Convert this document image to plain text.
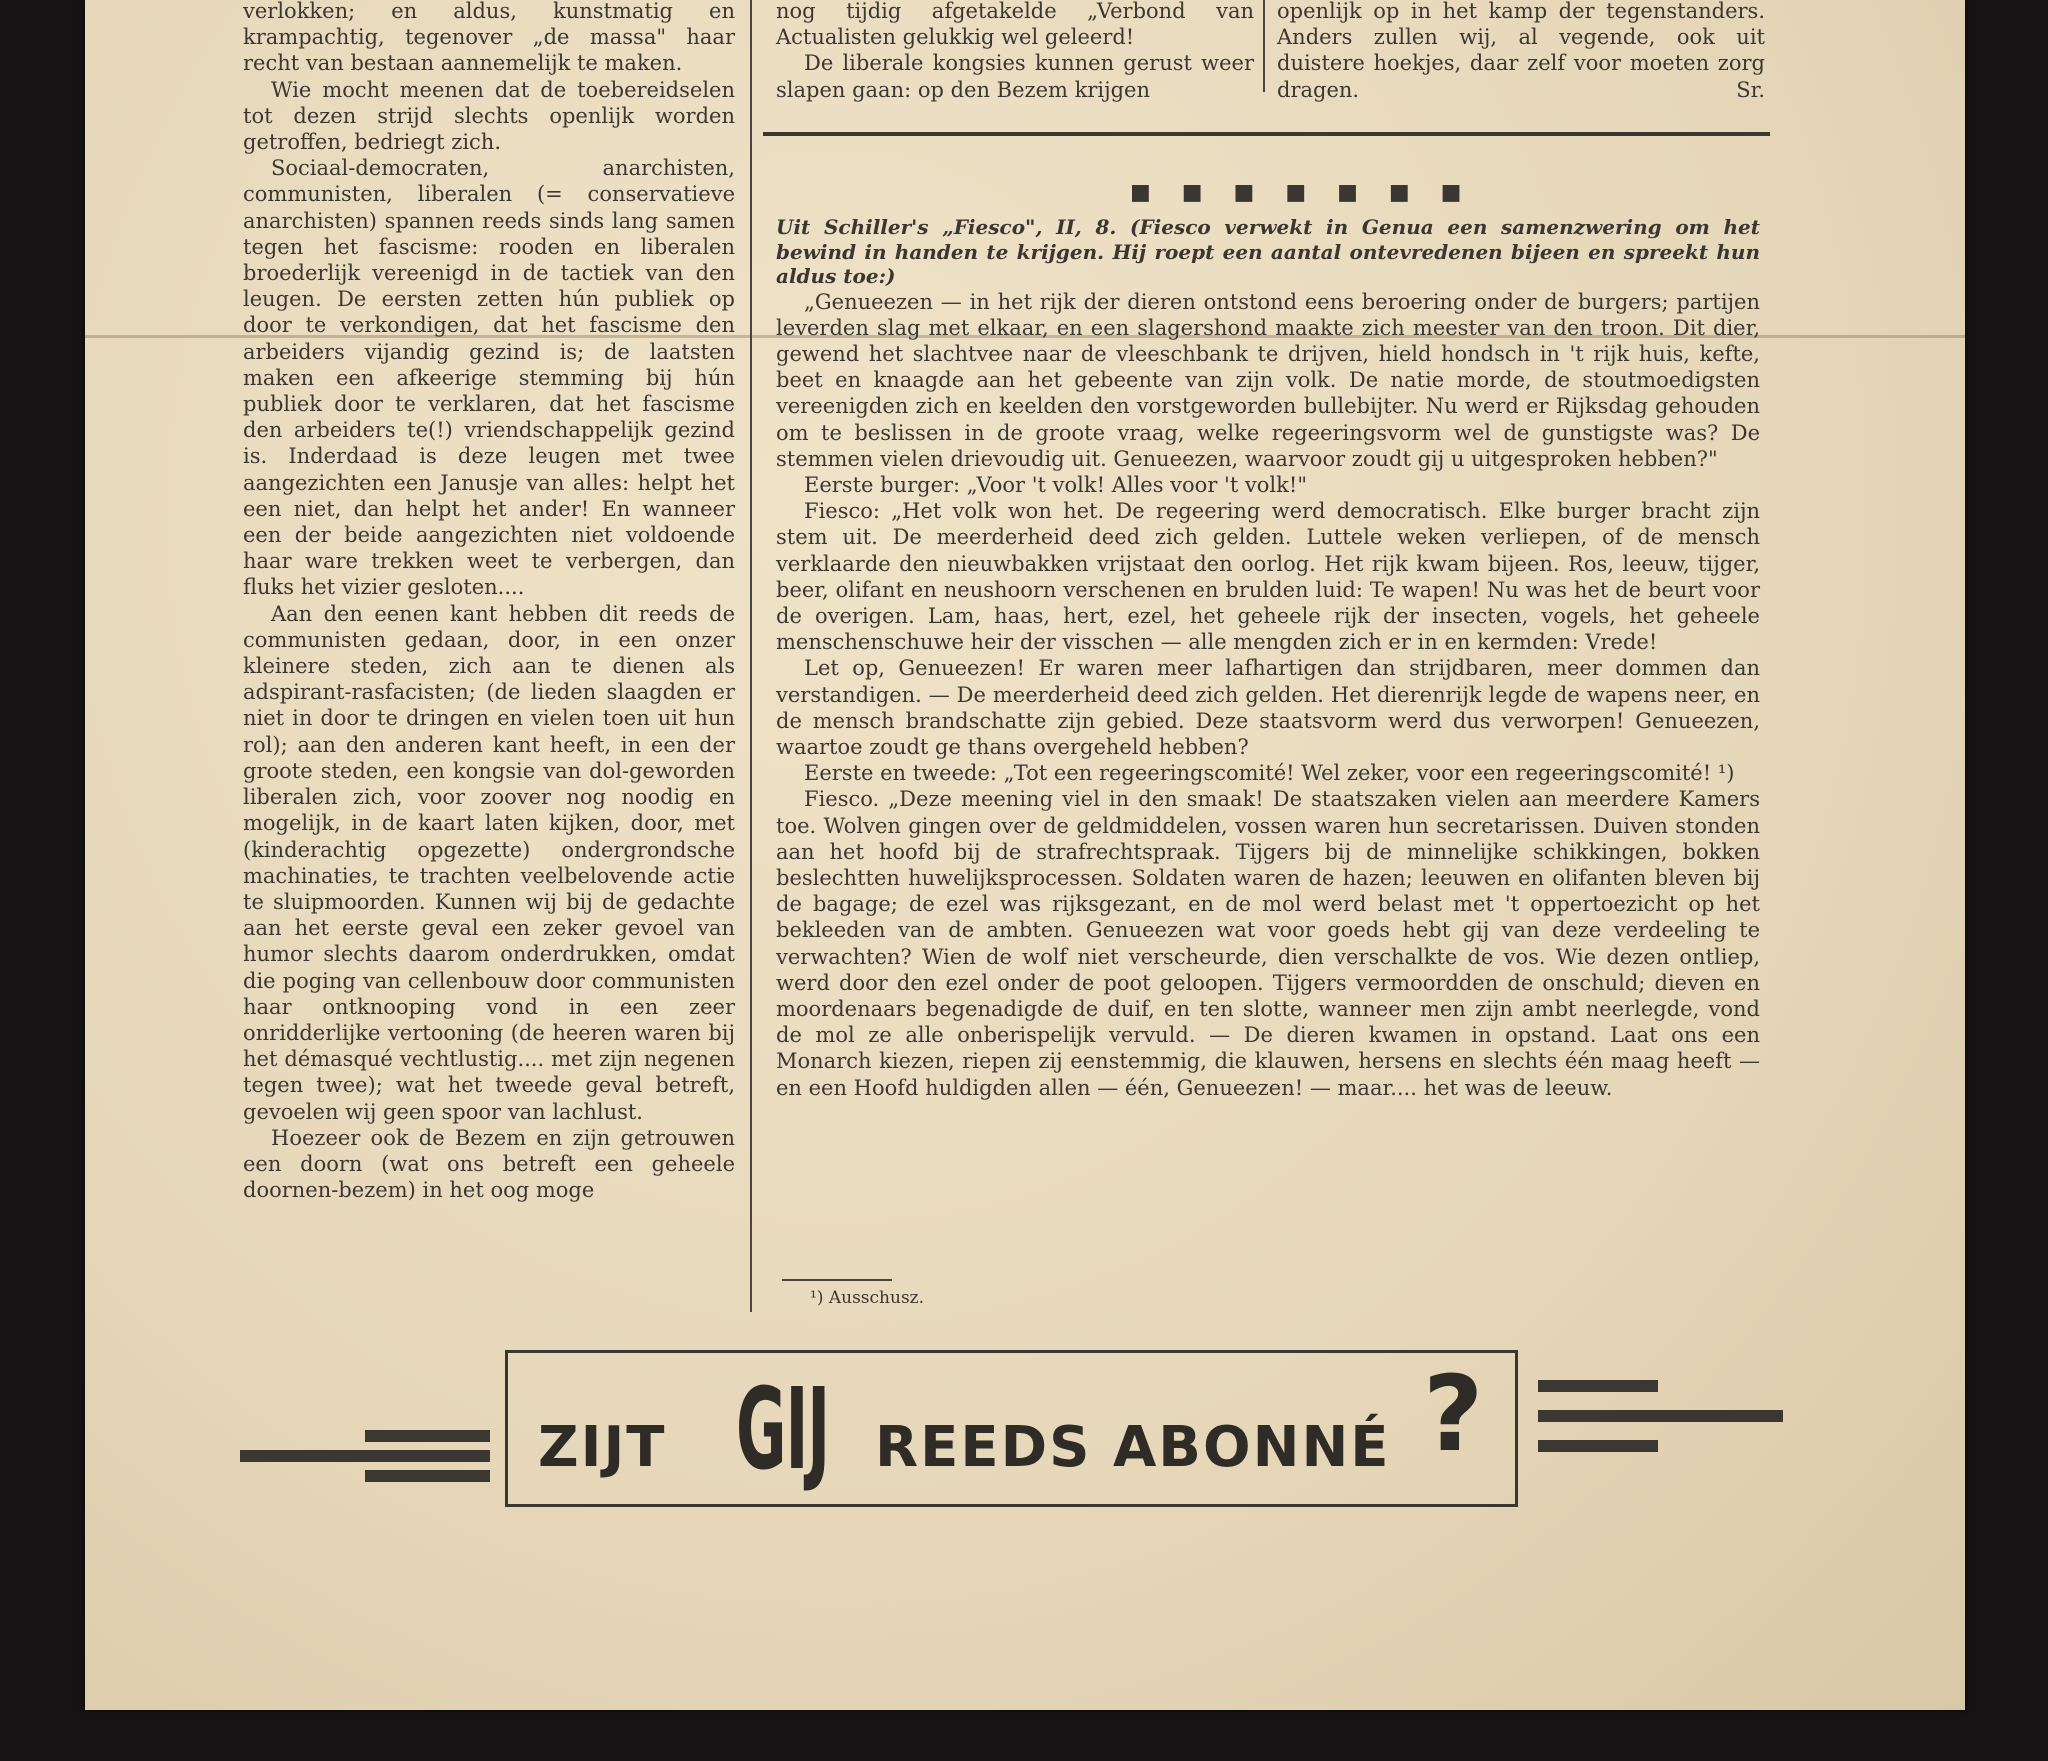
verlokken; en aldus, kunstmatig en krampachtig, tegenover „de massa" haar recht van bestaan aannemelijk te maken.

Wie mocht meenen dat de toebereidselen tot dezen strijd slechts openlijk worden getroffen, bedriegt zich.

Sociaal-democraten, anarchisten, communisten, liberalen (= conservatieve anarchisten) spannen reeds sinds lang samen tegen het fascisme: rooden en liberalen broederlijk vereenigd in de tactiek van den leugen. De eersten zetten hún publiek op door te verkondigen, dat het fascisme den arbeiders vijandig gezind is; de laatsten maken een afkeerige stemming bij hún publiek door te verklaren, dat het fascisme den arbeiders te(!) vriendschappelijk gezind is. Inderdaad is deze leugen met twee aangezichten een Janusje van alles: helpt het een niet, dan helpt het ander! En wanneer een der beide aangezichten niet voldoende haar ware trekken weet te verbergen, dan fluks het vizier gesloten....

Aan den eenen kant hebben dit reeds de communisten gedaan, door, in een onzer kleinere steden, zich aan te dienen als adspirant-rasfacisten; (de lieden slaagden er niet in door te dringen en vielen toen uit hun rol); aan den anderen kant heeft, in een der groote steden, een kongsie van dol-geworden liberalen zich, voor zoover nog noodig en mogelijk, in de kaart laten kijken, door, met (kinderachtig opgezette) ondergrondsche machinaties, te trachten veelbelovende actie te sluipmoorden. Kunnen wij bij de gedachte aan het eerste geval een zeker gevoel van humor slechts daarom onderdrukken, omdat die poging van cellenbouw door communisten haar ontknooping vond in een zeer onridderlijke vertooning (de heeren waren bij het démasqué vechtlustig.... met zijn negenen tegen twee); wat het tweede geval betreft, gevoelen wij geen spoor van lachlust.

Hoezeer ook de Bezem en zijn getrouwen een doorn (wat ons betreft een geheele doornen-bezem) in het oog moge

nog tijdig afgetakelde „Verbond van Actualisten gelukkig wel geleerd!

De liberale kongsies kunnen gerust weer slapen gaan: op den Bezem krijgen

openlijk op in het kamp der tegenstanders. Anders zullen wij, al vegende, ook uit duistere hoekjes, daar zelf voor moeten zorg dragen.	Sr.

■ ■ ■ ■ ■ ■ ■

Uit Schiller's „Fiesco", II, 8. (Fiesco verwekt in Genua een samenzwering om het bewind in handen te krijgen. Hij roept een aantal ontevredenen bijeen en spreekt hun aldus toe:)

„Genueezen — in het rijk der dieren ontstond eens beroering onder de burgers; partijen leverden slag met elkaar, en een slagershond maakte zich meester van den troon. Dit dier, gewend het slachtvee naar de vleeschbank te drijven, hield hondsch in 't rijk huis, kefte, beet en knaagde aan het gebeente van zijn volk. De natie morde, de stoutmoedigsten vereenigden zich en keelden den vorstgeworden bullebijter. Nu werd er Rijksdag gehouden om te beslissen in de groote vraag, welke regeeringsvorm wel de gunstigste was? De stemmen vielen drievoudig uit. Genueezen, waarvoor zoudt gij u uitgesproken hebben?"

Eerste burger: „Voor 't volk! Alles voor 't volk!"

Fiesco: „Het volk won het. De regeering werd democratisch. Elke burger bracht zijn stem uit. De meerderheid deed zich gelden. Luttele weken verliepen, of de mensch verklaarde den nieuwbakken vrijstaat den oorlog. Het rijk kwam bijeen. Ros, leeuw, tijger, beer, olifant en neushoorn verschenen en brulden luid: Te wapen! Nu was het de beurt voor de overigen. Lam, haas, hert, ezel, het geheele rijk der insecten, vogels, het geheele menschenschuwe heir der visschen — alle mengden zich er in en kermden: Vrede!

Let op, Genueezen! Er waren meer lafhartigen dan strijdbaren, meer dommen dan verstandigen. — De meerderheid deed zich gelden. Het dierenrijk legde de wapens neer, en de mensch brandschatte zijn gebied. Deze staatsvorm werd dus verworpen! Genueezen, waartoe zoudt ge thans overgeheld hebben?

Eerste en tweede: „Tot een regeeringscomité! Wel zeker, voor een regeeringscomité! ¹)

Fiesco. „Deze meening viel in den smaak! De staatszaken vielen aan meerdere Kamers toe. Wolven gingen over de geldmiddelen, vossen waren hun secretarissen. Duiven stonden aan het hoofd bij de strafrechtspraak. Tijgers bij de minnelijke schikkingen, bokken beslechtten huwelijksprocessen. Soldaten waren de hazen; leeuwen en olifanten bleven bij de bagage; de ezel was rijksgezant, en de mol werd belast met 't oppertoezicht op het bekleeden van de ambten. Genueezen wat voor goeds hebt gij van deze verdeeling te verwachten? Wien de wolf niet verscheurde, dien verschalkte de vos. Wie dezen ontliep, werd door den ezel onder de poot geloopen. Tijgers vermoordden de onschuld; dieven en moordenaars begenadigde de duif, en ten slotte, wanneer men zijn ambt neerlegde, vond de mol ze alle onberispelijk vervuld. — De dieren kwamen in opstand. Laat ons een Monarch kiezen, riepen zij eenstemmig, die klauwen, hersens en slechts één maag heeft — en een Hoofd huldigden allen — één, Genueezen! — maar.... het was de leeuw.

¹) Ausschusz.
ZIJT GIJ REEDS ABONNÉ ?
